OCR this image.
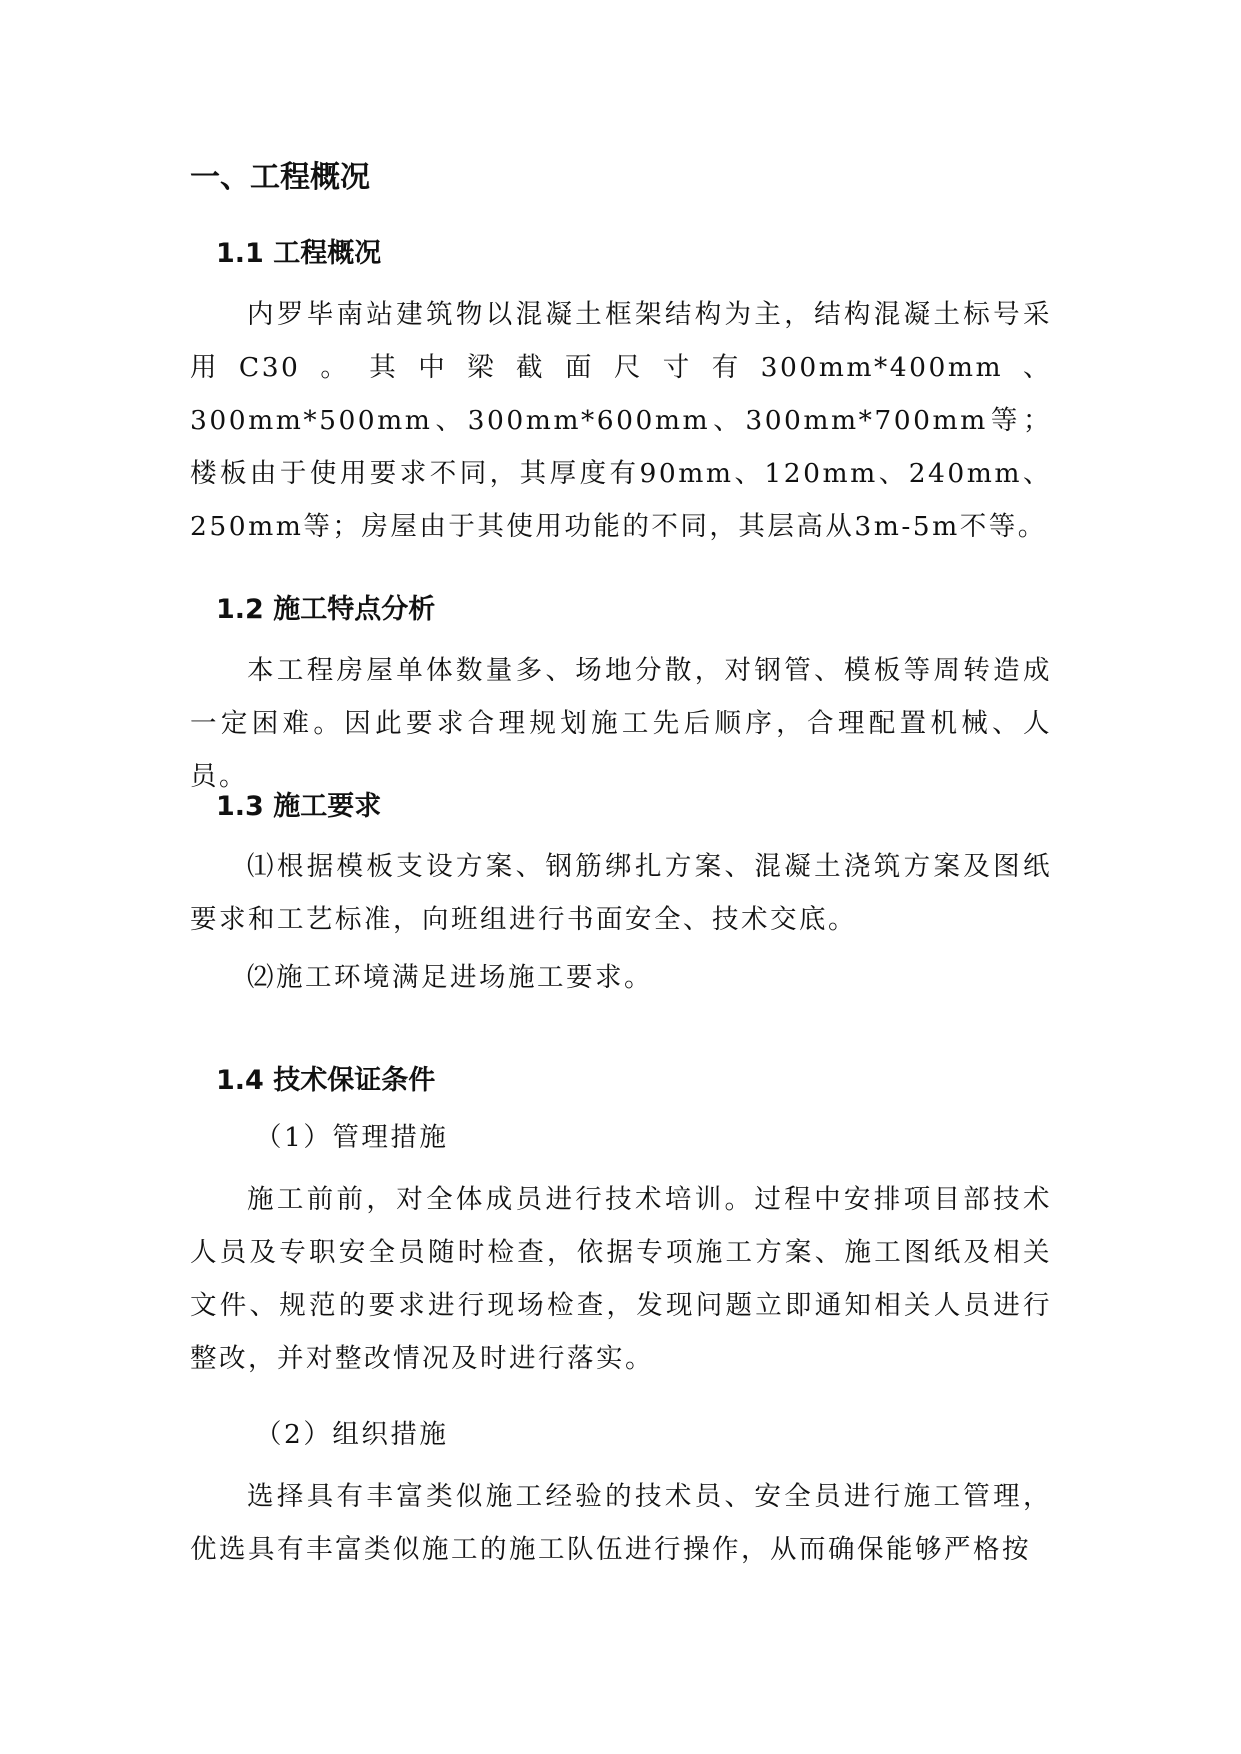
一、工程概况
1.1 工程概况
内罗毕南站建筑物以混凝土框架结构为主，结构混凝土标号采用C30。其中梁截面尺寸有300mm*400mm、300mm*500mm、300mm*600mm、300mm*700mm等；楼板由于使用要求不同，其厚度有90mm、120mm、240mm、250mm等；房屋由于其使用功能的不同，其层高从3m-5m不等。
1.2 施工特点分析
本工程房屋单体数量多、场地分散，对钢管、模板等周转造成一定困难。因此要求合理规划施工先后顺序，合理配置机械、人员。
1.3 施工要求
⑴根据模板支设方案、钢筋绑扎方案、混凝土浇筑方案及图纸要求和工艺标准，向班组进行书面安全、技术交底。
⑵施工环境满足进场施工要求。
1.4 技术保证条件
（1）管理措施
施工前前，对全体成员进行技术培训。过程中安排项目部技术人员及专职安全员随时检查，依据专项施工方案、施工图纸及相关文件、规范的要求进行现场检查，发现问题立即通知相关人员进行整改，并对整改情况及时进行落实。
（2）组织措施
选择具有丰富类似施工经验的技术员、安全员进行施工管理，优选具有丰富类似施工的施工队伍进行操作，从而确保能够严格按
